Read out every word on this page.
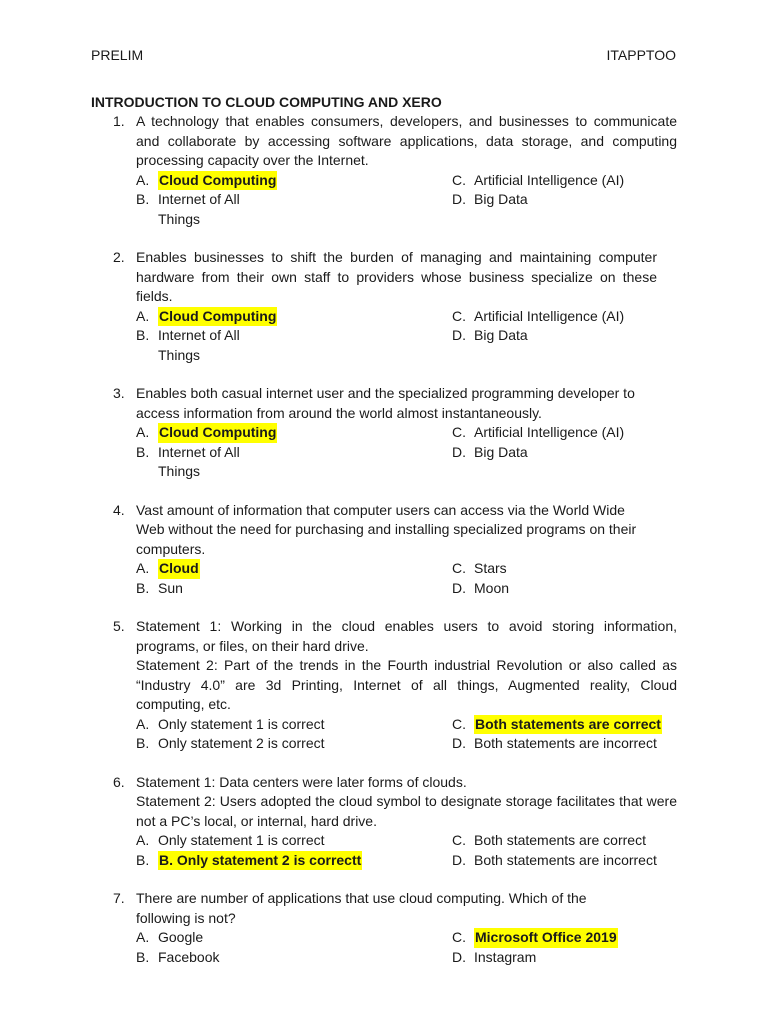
PRELIM	ITAPPTOO
INTRODUCTION TO CLOUD COMPUTING AND XERO
1. A technology that enables consumers, developers, and businesses to communicate and collaborate by accessing software applications, data storage, and computing processing capacity over the Internet.
A. Cloud Computing
B. Internet of All Things
C. Artificial Intelligence (AI)
D. Big Data
2. Enables businesses to shift the burden of managing and maintaining computer hardware from their own staff to providers whose business specialize on these fields.
A. Cloud Computing
B. Internet of All Things
C. Artificial Intelligence (AI)
D. Big Data
3. Enables both casual internet user and the specialized programming developer to access information from around the world almost instantaneously.
A. Cloud Computing
B. Internet of All Things
C. Artificial Intelligence (AI)
D. Big Data
4. Vast amount of information that computer users can access via the World Wide Web without the need for purchasing and installing specialized programs on their computers.
A. Cloud
B. Sun
C. Stars
D. Moon
5. Statement 1: Working in the cloud enables users to avoid storing information, programs, or files, on their hard drive.
Statement 2: Part of the trends in the Fourth industrial Revolution or also called as “Industry 4.0” are 3d Printing, Internet of all things, Augmented reality, Cloud computing, etc.
A. Only statement 1 is correct
B. Only statement 2 is correct
C. Both statements are correct
D. Both statements are incorrect
6. Statement 1: Data centers were later forms of clouds.
Statement 2: Users adopted the cloud symbol to designate storage facilitates that were not a PC’s local, or internal, hard drive.
A. Only statement 1 is correct
B. B. Only statement 2 is correctt
C. Both statements are correct
D. Both statements are incorrect
7. There are number of applications that use cloud computing. Which of the following is not?
A. Google
B. Facebook
C. Microsoft Office 2019
D. Instagram
